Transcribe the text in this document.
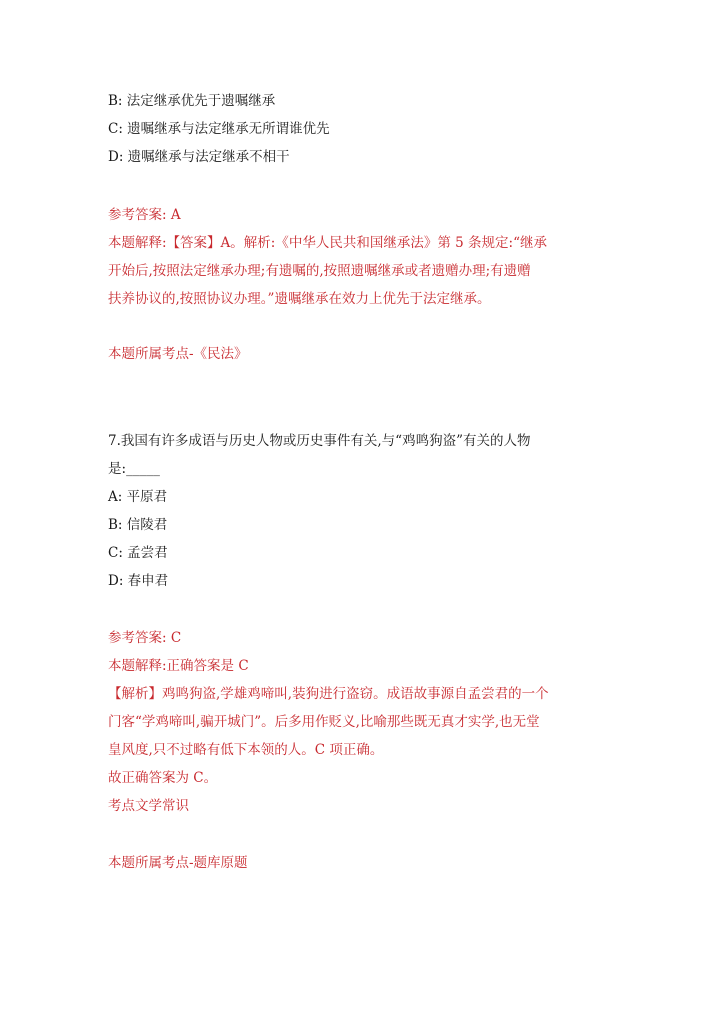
B: 法定继承优先于遗嘱继承
C: 遗嘱继承与法定继承无所谓谁优先
D: 遗嘱继承与法定继承不相干
参考答案: A
本题解释:【答案】A。解析:《中华人民共和国继承法》第 5 条规定:“继承
开始后,按照法定继承办理;有遗嘱的,按照遗嘱继承或者遗赠办理;有遗赠
扶养协议的,按照协议办理。”遗嘱继承在效力上优先于法定继承。
本题所属考点-《民法》
7.我国有许多成语与历史人物或历史事件有关,与“鸡鸣狗盗”有关的人物
是:_____
A: 平原君
B: 信陵君
C: 孟尝君
D: 春申君
参考答案: C
本题解释:正确答案是 C
【解析】鸡鸣狗盗,学雄鸡啼叫,装狗进行盗窃。成语故事源自孟尝君的一个
门客“学鸡啼叫,骗开城门”。后多用作贬义,比喻那些既无真才实学,也无堂
皇风度,只不过略有低下本领的人。C 项正确。
故正确答案为 C。
考点文学常识
本题所属考点-题库原题
